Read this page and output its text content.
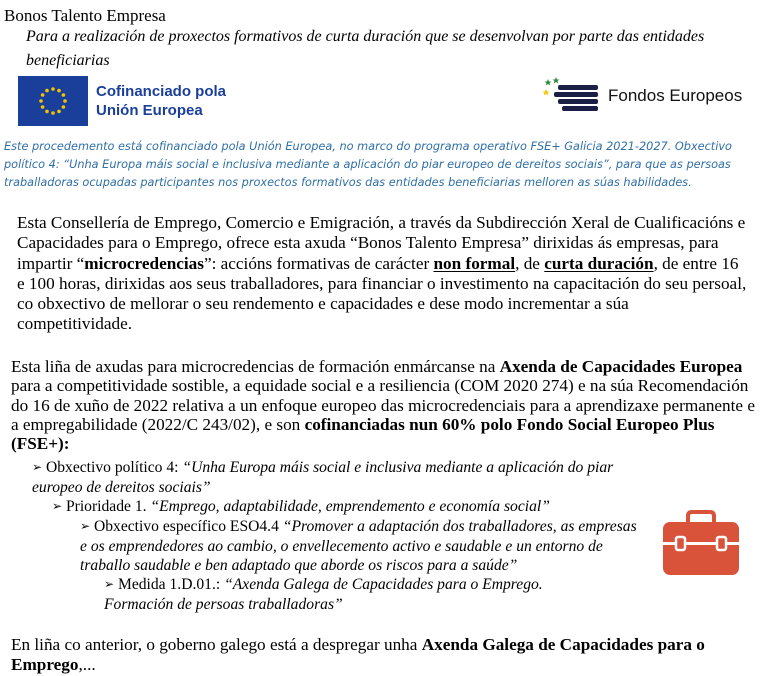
Bonos Talento Empresa
Para a realización de proxectos formativos de curta duración que se desenvolvan por parte das entidades beneficiarias
Cofinanciado pola
Unión Europea
Fondos Europeos
Este procedemento está cofinanciado pola Unión Europea, no marco do programa operativo FSE+ Galicia 2021-2027. Obxectivo político 4: “Unha Europa máis social e inclusiva mediante a aplicación do piar europeo de dereitos sociais”, para que as persoas traballadoras ocupadas participantes nos proxectos formativos das entidades beneficiarias melloren as súas habilidades.
Esta Consellería de Emprego, Comercio e Emigración, a través da Subdirección Xeral de Cualificacións e Capacidades para o Emprego, ofrece esta axuda “Bonos Talento Empresa” dirixidas ás empresas, para impartir “microcredencias”: accións formativas de carácter non formal, de curta duración, de entre 16 e 100 horas, dirixidas aos seus traballadores, para financiar o investimento na capacitación do seu persoal, co obxectivo de mellorar o seu rendemento e capacidades e dese modo incrementar a súa competitividade.
Esta liña de axudas para microcredencias de formación enmárcanse na Axenda de Capacidades Europea para a competitividade sostible, a equidade social e a resiliencia (COM 2020 274) e na súa Recomendación do 16 de xuño de 2022 relativa a un enfoque europeo das microcredenciais para a aprendizaxe permanente e a empregabilidade (2022/C 243/02), e son cofinanciadas nun 60% polo Fondo Social Europeo Plus (FSE+):
➢ Obxectivo político 4: “Unha Europa máis social e inclusiva mediante a aplicación do piar europeo de dereitos sociais”
➢ Prioridade 1. “Emprego, adaptabilidade, emprendemento e economía social”
➢ Obxectivo específico ESO4.4 “Promover a adaptación dos traballadores, as empresas e os emprendedores ao cambio, o envellecemento activo e saudable e un entorno de traballo saudable e ben adaptado que aborde os riscos para a saúde”
➢ Medida 1.D.01.: “Axenda Galega de Capacidades para o Emprego. Formación de persoas traballadoras”
En liña co anterior, o goberno galego está a despregar unha Axenda Galega de Capacidades para o Emprego,...
